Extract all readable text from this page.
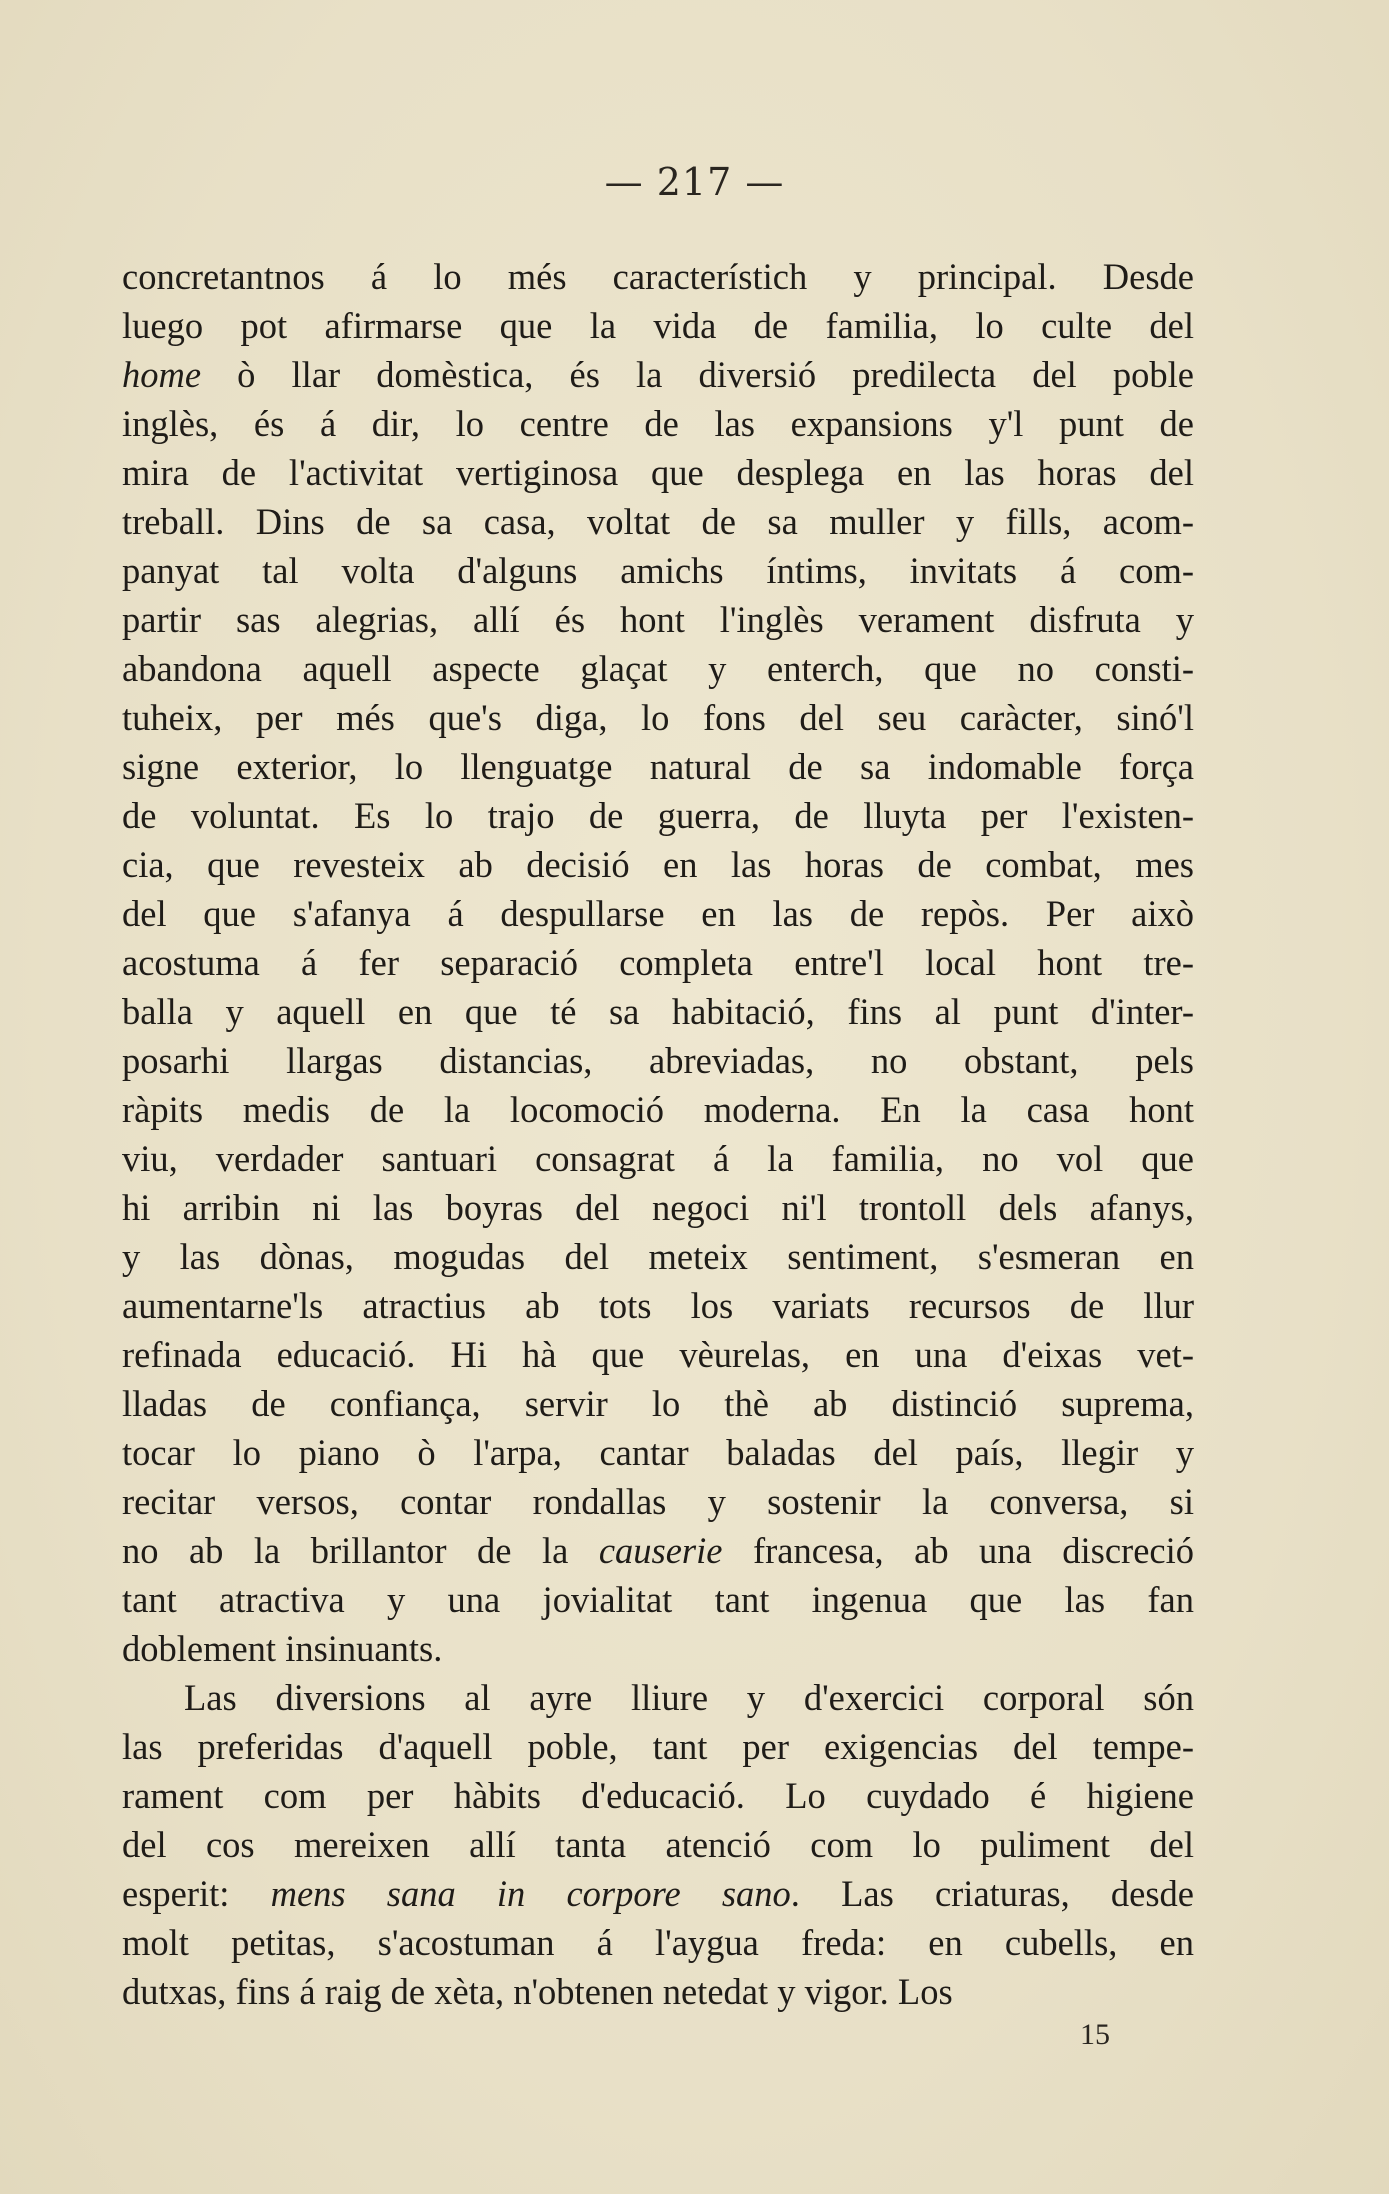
— 217 —
concretantnos á lo més característich y principal. Desde
luego pot afirmarse que la vida de familia, lo culte del
home ò llar domèstica, és la diversió predilecta del poble
inglès, és á dir, lo centre de las expansions y'l punt de
mira de l'activitat vertiginosa que desplega en las horas del
treball. Dins de sa casa, voltat de sa muller y fills, acom-
panyat tal volta d'alguns amichs íntims, invitats á com-
partir sas alegrias, allí és hont l'inglès verament disfruta y
abandona aquell aspecte glaçat y enterch, que no consti-
tuheix, per més que's diga, lo fons del seu caràcter, sinó'l
signe exterior, lo llenguatge natural de sa indomable força
de voluntat. Es lo trajo de guerra, de lluyta per l'existen-
cia, que revesteix ab decisió en las horas de combat, mes
del que s'afanya á despullarse en las de repòs. Per això
acostuma á fer separació completa entre'l local hont tre-
balla y aquell en que té sa habitació, fins al punt d'inter-
posarhi llargas distancias, abreviadas, no obstant, pels
ràpits medis de la locomoció moderna. En la casa hont
viu, verdader santuari consagrat á la familia, no vol que
hi arribin ni las boyras del negoci ni'l trontoll dels afanys,
y las dònas, mogudas del meteix sentiment, s'esmeran en
aumentarne'ls atractius ab tots los variats recursos de llur
refinada educació. Hi hà que vèurelas, en una d'eixas vet-
lladas de confiança, servir lo thè ab distinció suprema,
tocar lo piano ò l'arpa, cantar baladas del país, llegir y
recitar versos, contar rondallas y sostenir la conversa, si
no ab la brillantor de la causerie francesa, ab una discreció
tant atractiva y una jovialitat tant ingenua que las fan
doblement insinuants.
Las diversions al ayre lliure y d'exercici corporal són
las preferidas d'aquell poble, tant per exigencias del tempe-
rament com per hàbits d'educació. Lo cuydado é higiene
del cos mereixen allí tanta atenció com lo puliment del
esperit: mens sana in corpore sano. Las criaturas, desde
molt petitas, s'acostuman á l'aygua freda: en cubells, en
dutxas, fins á raig de xèta, n'obtenen netedat y vigor. Los
15
